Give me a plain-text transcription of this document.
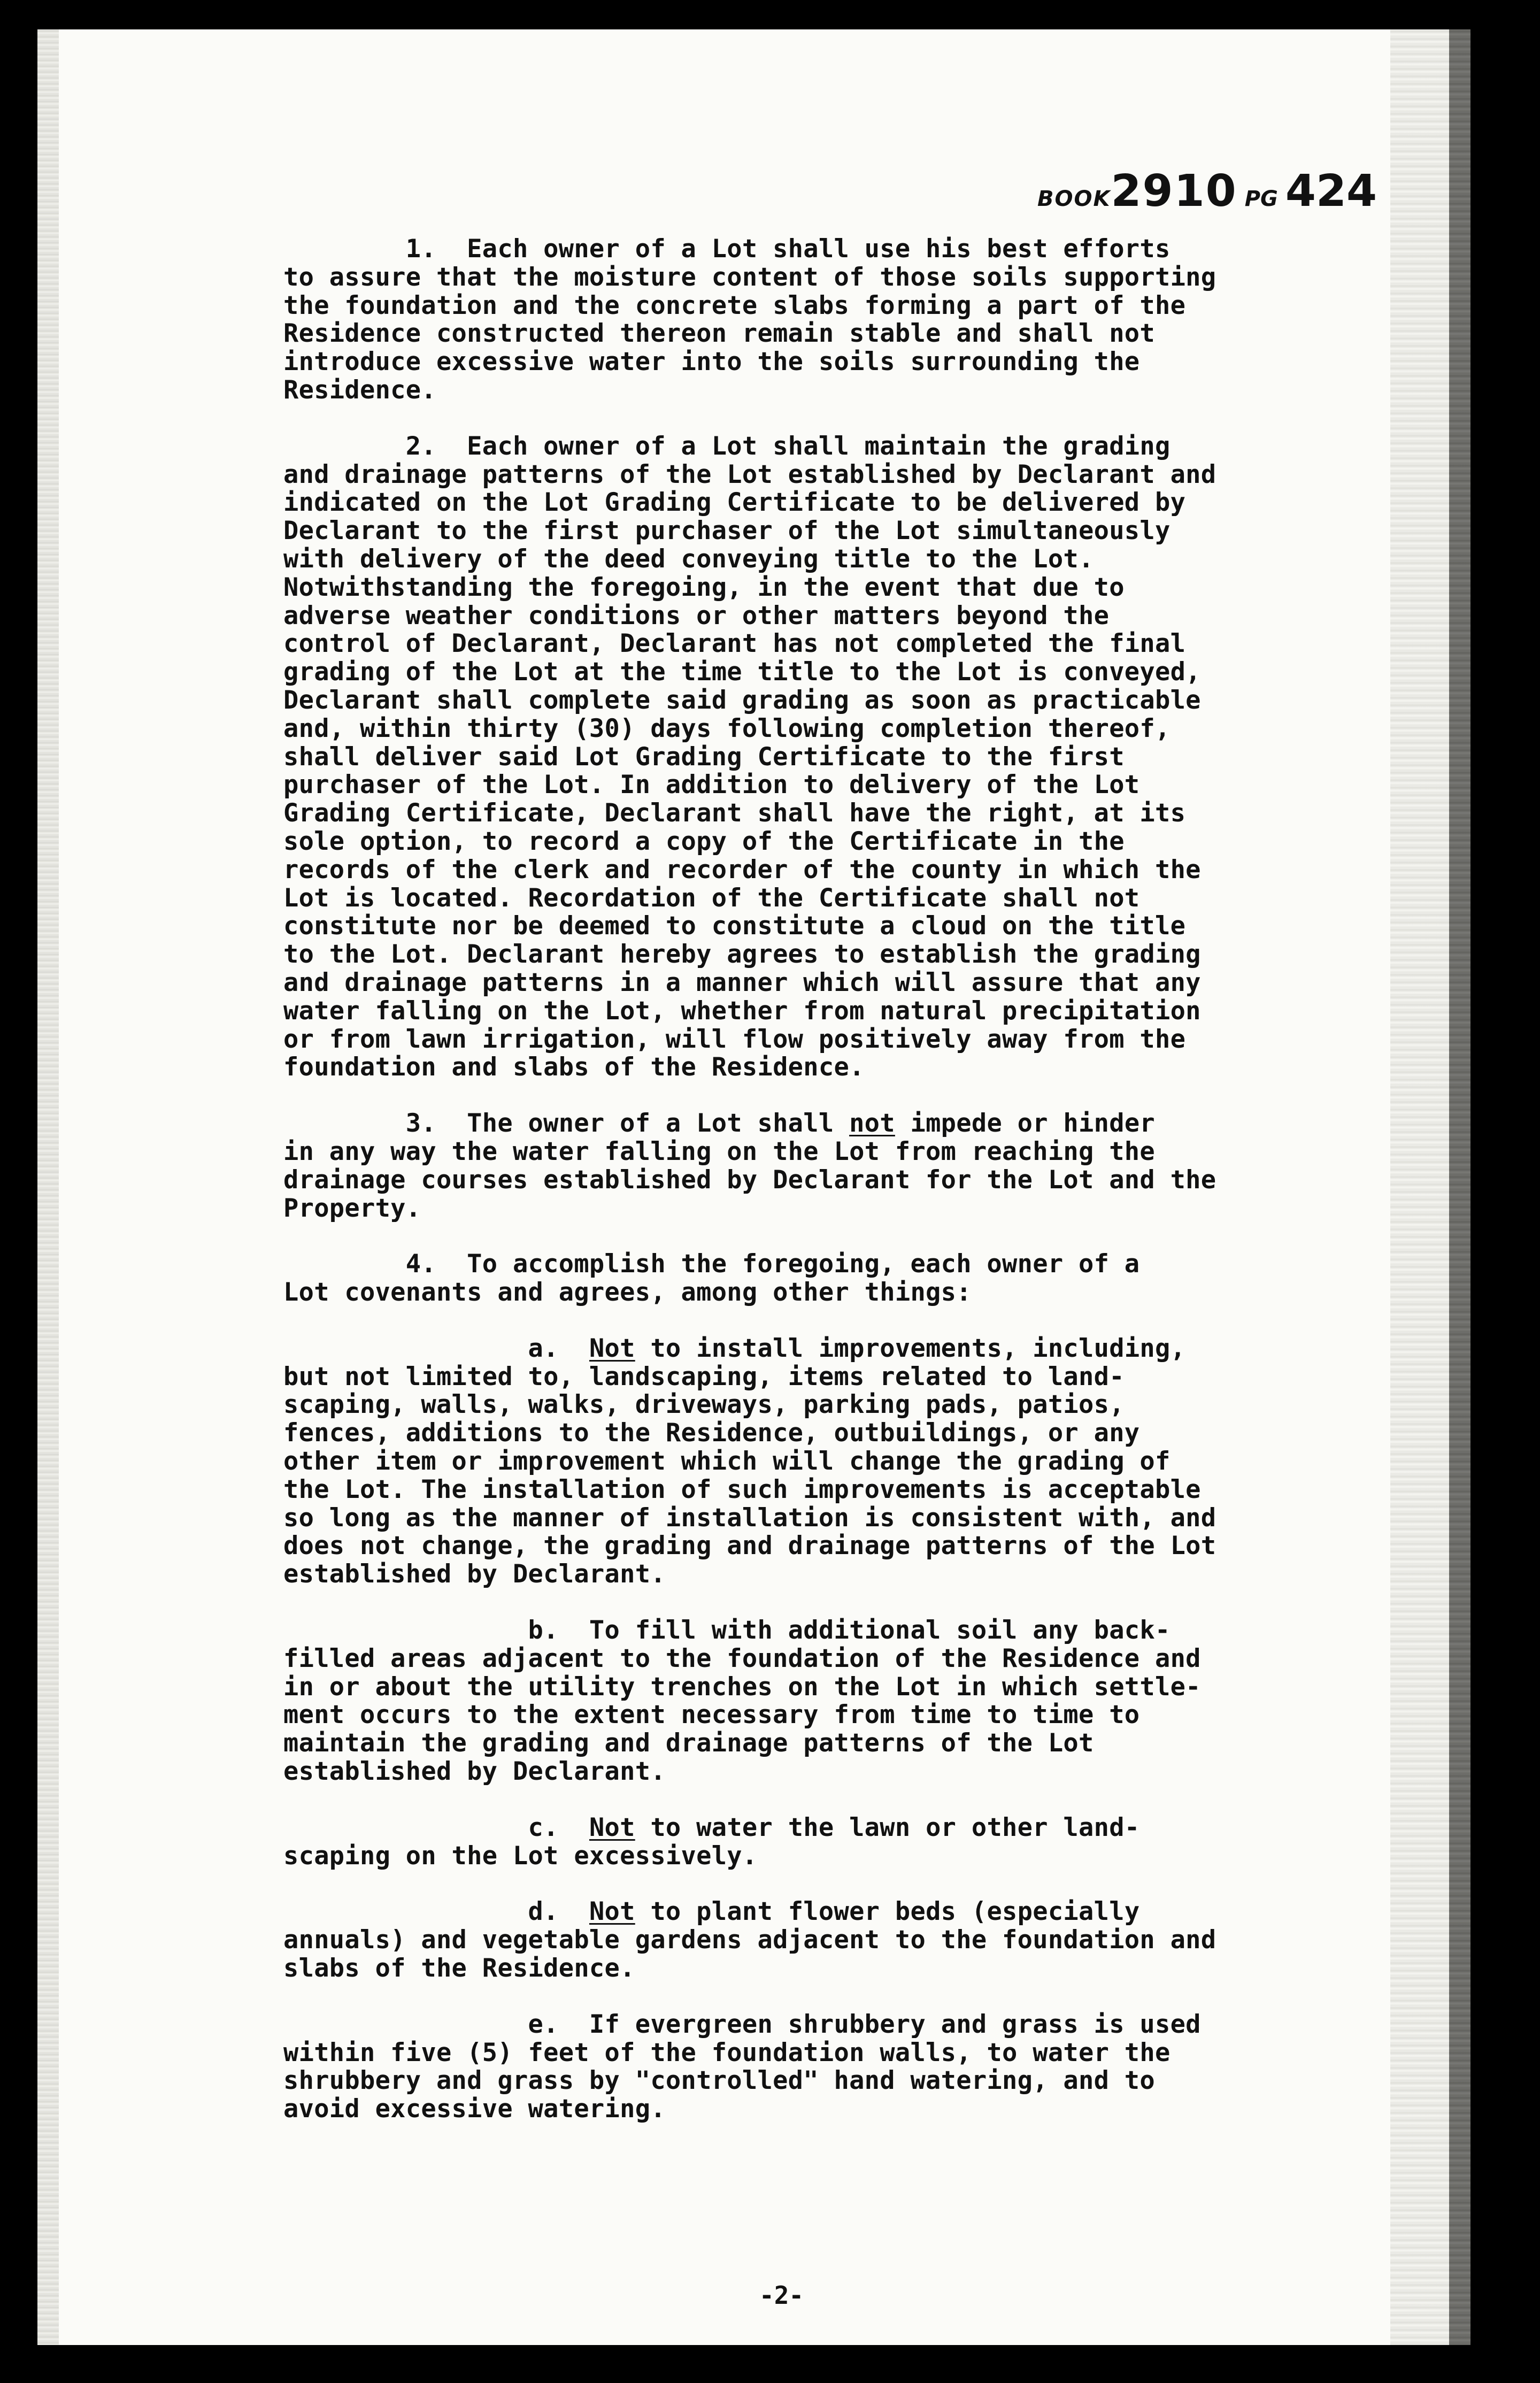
BOOK2910 PG 424
1.  Each owner of a Lot shall use his best efforts
to assure that the moisture content of those soils supporting
the foundation and the concrete slabs forming a part of the
Residence constructed thereon remain stable and shall not
introduce excessive water into the soils surrounding the
Residence.
2.  Each owner of a Lot shall maintain the grading
and drainage patterns of the Lot established by Declarant and
indicated on the Lot Grading Certificate to be delivered by
Declarant to the first purchaser of the Lot simultaneously
with delivery of the deed conveying title to the Lot.
Notwithstanding the foregoing, in the event that due to
adverse weather conditions or other matters beyond the
control of Declarant, Declarant has not completed the final
grading of the Lot at the time title to the Lot is conveyed,
Declarant shall complete said grading as soon as practicable
and, within thirty (30) days following completion thereof,
shall deliver said Lot Grading Certificate to the first
purchaser of the Lot. In addition to delivery of the Lot
Grading Certificate, Declarant shall have the right, at its
sole option, to record a copy of the Certificate in the
records of the clerk and recorder of the county in which the
Lot is located. Recordation of the Certificate shall not
constitute nor be deemed to constitute a cloud on the title
to the Lot. Declarant hereby agrees to establish the grading
and drainage patterns in a manner which will assure that any
water falling on the Lot, whether from natural precipitation
or from lawn irrigation, will flow positively away from the
foundation and slabs of the Residence.
3.  The owner of a Lot shall not impede or hinder
in any way the water falling on the Lot from reaching the
drainage courses established by Declarant for the Lot and the
Property.
4.  To accomplish the foregoing, each owner of a
Lot covenants and agrees, among other things:
a.  Not to install improvements, including,
but not limited to, landscaping, items related to land-
scaping, walls, walks, driveways, parking pads, patios,
fences, additions to the Residence, outbuildings, or any
other item or improvement which will change the grading of
the Lot. The installation of such improvements is acceptable
so long as the manner of installation is consistent with, and
does not change, the grading and drainage patterns of the Lot
established by Declarant.
b.  To fill with additional soil any back-
filled areas adjacent to the foundation of the Residence and
in or about the utility trenches on the Lot in which settle-
ment occurs to the extent necessary from time to time to
maintain the grading and drainage patterns of the Lot
established by Declarant.
c.  Not to water the lawn or other land-
scaping on the Lot excessively.
d.  Not to plant flower beds (especially
annuals) and vegetable gardens adjacent to the foundation and
slabs of the Residence.
e.  If evergreen shrubbery and grass is used
within five (5) feet of the foundation walls, to water the
shrubbery and grass by "controlled" hand watering, and to
avoid excessive watering.
-2-
